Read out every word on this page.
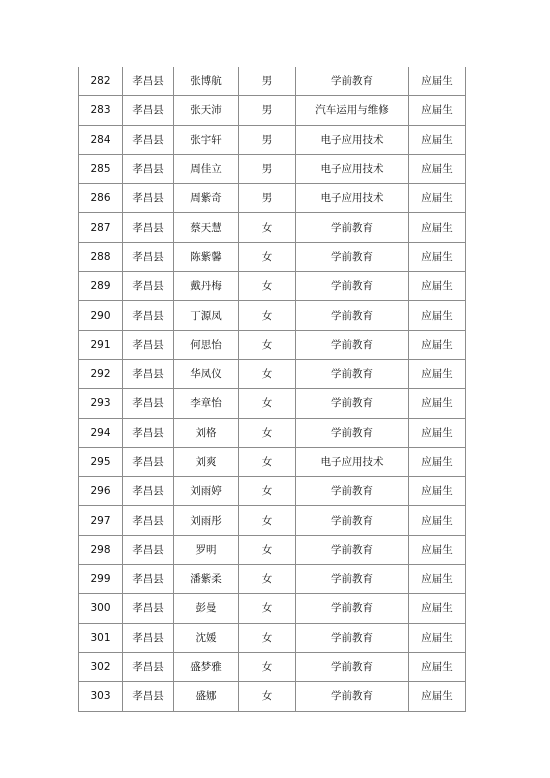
282	孝昌县	张博航	男	学前教育	应届生
283	孝昌县	张天沛	男	汽车运用与维修	应届生
284	孝昌县	张宇轩	男	电子应用技术	应届生
285	孝昌县	周佳立	男	电子应用技术	应届生
286	孝昌县	周紫奇	男	电子应用技术	应届生
287	孝昌县	蔡天慧	女	学前教育	应届生
288	孝昌县	陈紫馨	女	学前教育	应届生
289	孝昌县	戴丹梅	女	学前教育	应届生
290	孝昌县	丁源凤	女	学前教育	应届生
291	孝昌县	何思怡	女	学前教育	应届生
292	孝昌县	华凤仪	女	学前教育	应届生
293	孝昌县	李章怡	女	学前教育	应届生
294	孝昌县	刘格	女	学前教育	应届生
295	孝昌县	刘爽	女	电子应用技术	应届生
296	孝昌县	刘雨婷	女	学前教育	应届生
297	孝昌县	刘雨彤	女	学前教育	应届生
298	孝昌县	罗明	女	学前教育	应届生
299	孝昌县	潘紫柔	女	学前教育	应届生
300	孝昌县	彭曼	女	学前教育	应届生
301	孝昌县	沈媛	女	学前教育	应届生
302	孝昌县	盛梦雅	女	学前教育	应届生
303	孝昌县	盛娜	女	学前教育	应届生
